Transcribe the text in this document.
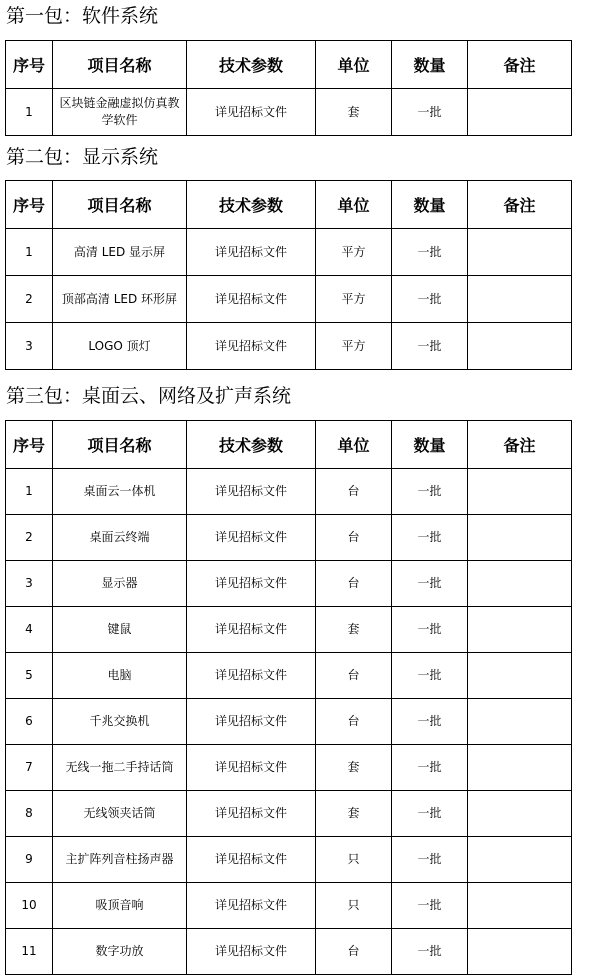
第一包：软件系统
序号	项目名称	技术参数	单位	数量	备注
1	区块链金融虚拟仿真教学软件	详见招标文件	套	一批	
第二包：显示系统
序号	项目名称	技术参数	单位	数量	备注
1	高清 LED 显示屏	详见招标文件	平方	一批	
2	顶部高清 LED 环形屏	详见招标文件	平方	一批	
3	LOGO 顶灯	详见招标文件	平方	一批	
第三包：桌面云、网络及扩声系统
序号	项目名称	技术参数	单位	数量	备注
1	桌面云一体机	详见招标文件	台	一批	
2	桌面云终端	详见招标文件	台	一批	
3	显示器	详见招标文件	台	一批	
4	键鼠	详见招标文件	套	一批	
5	电脑	详见招标文件	台	一批	
6	千兆交换机	详见招标文件	台	一批	
7	无线一拖二手持话筒	详见招标文件	套	一批	
8	无线领夹话筒	详见招标文件	套	一批	
9	主扩阵列音柱扬声器	详见招标文件	只	一批	
10	吸顶音响	详见招标文件	只	一批	
11	数字功放	详见招标文件	台	一批	
